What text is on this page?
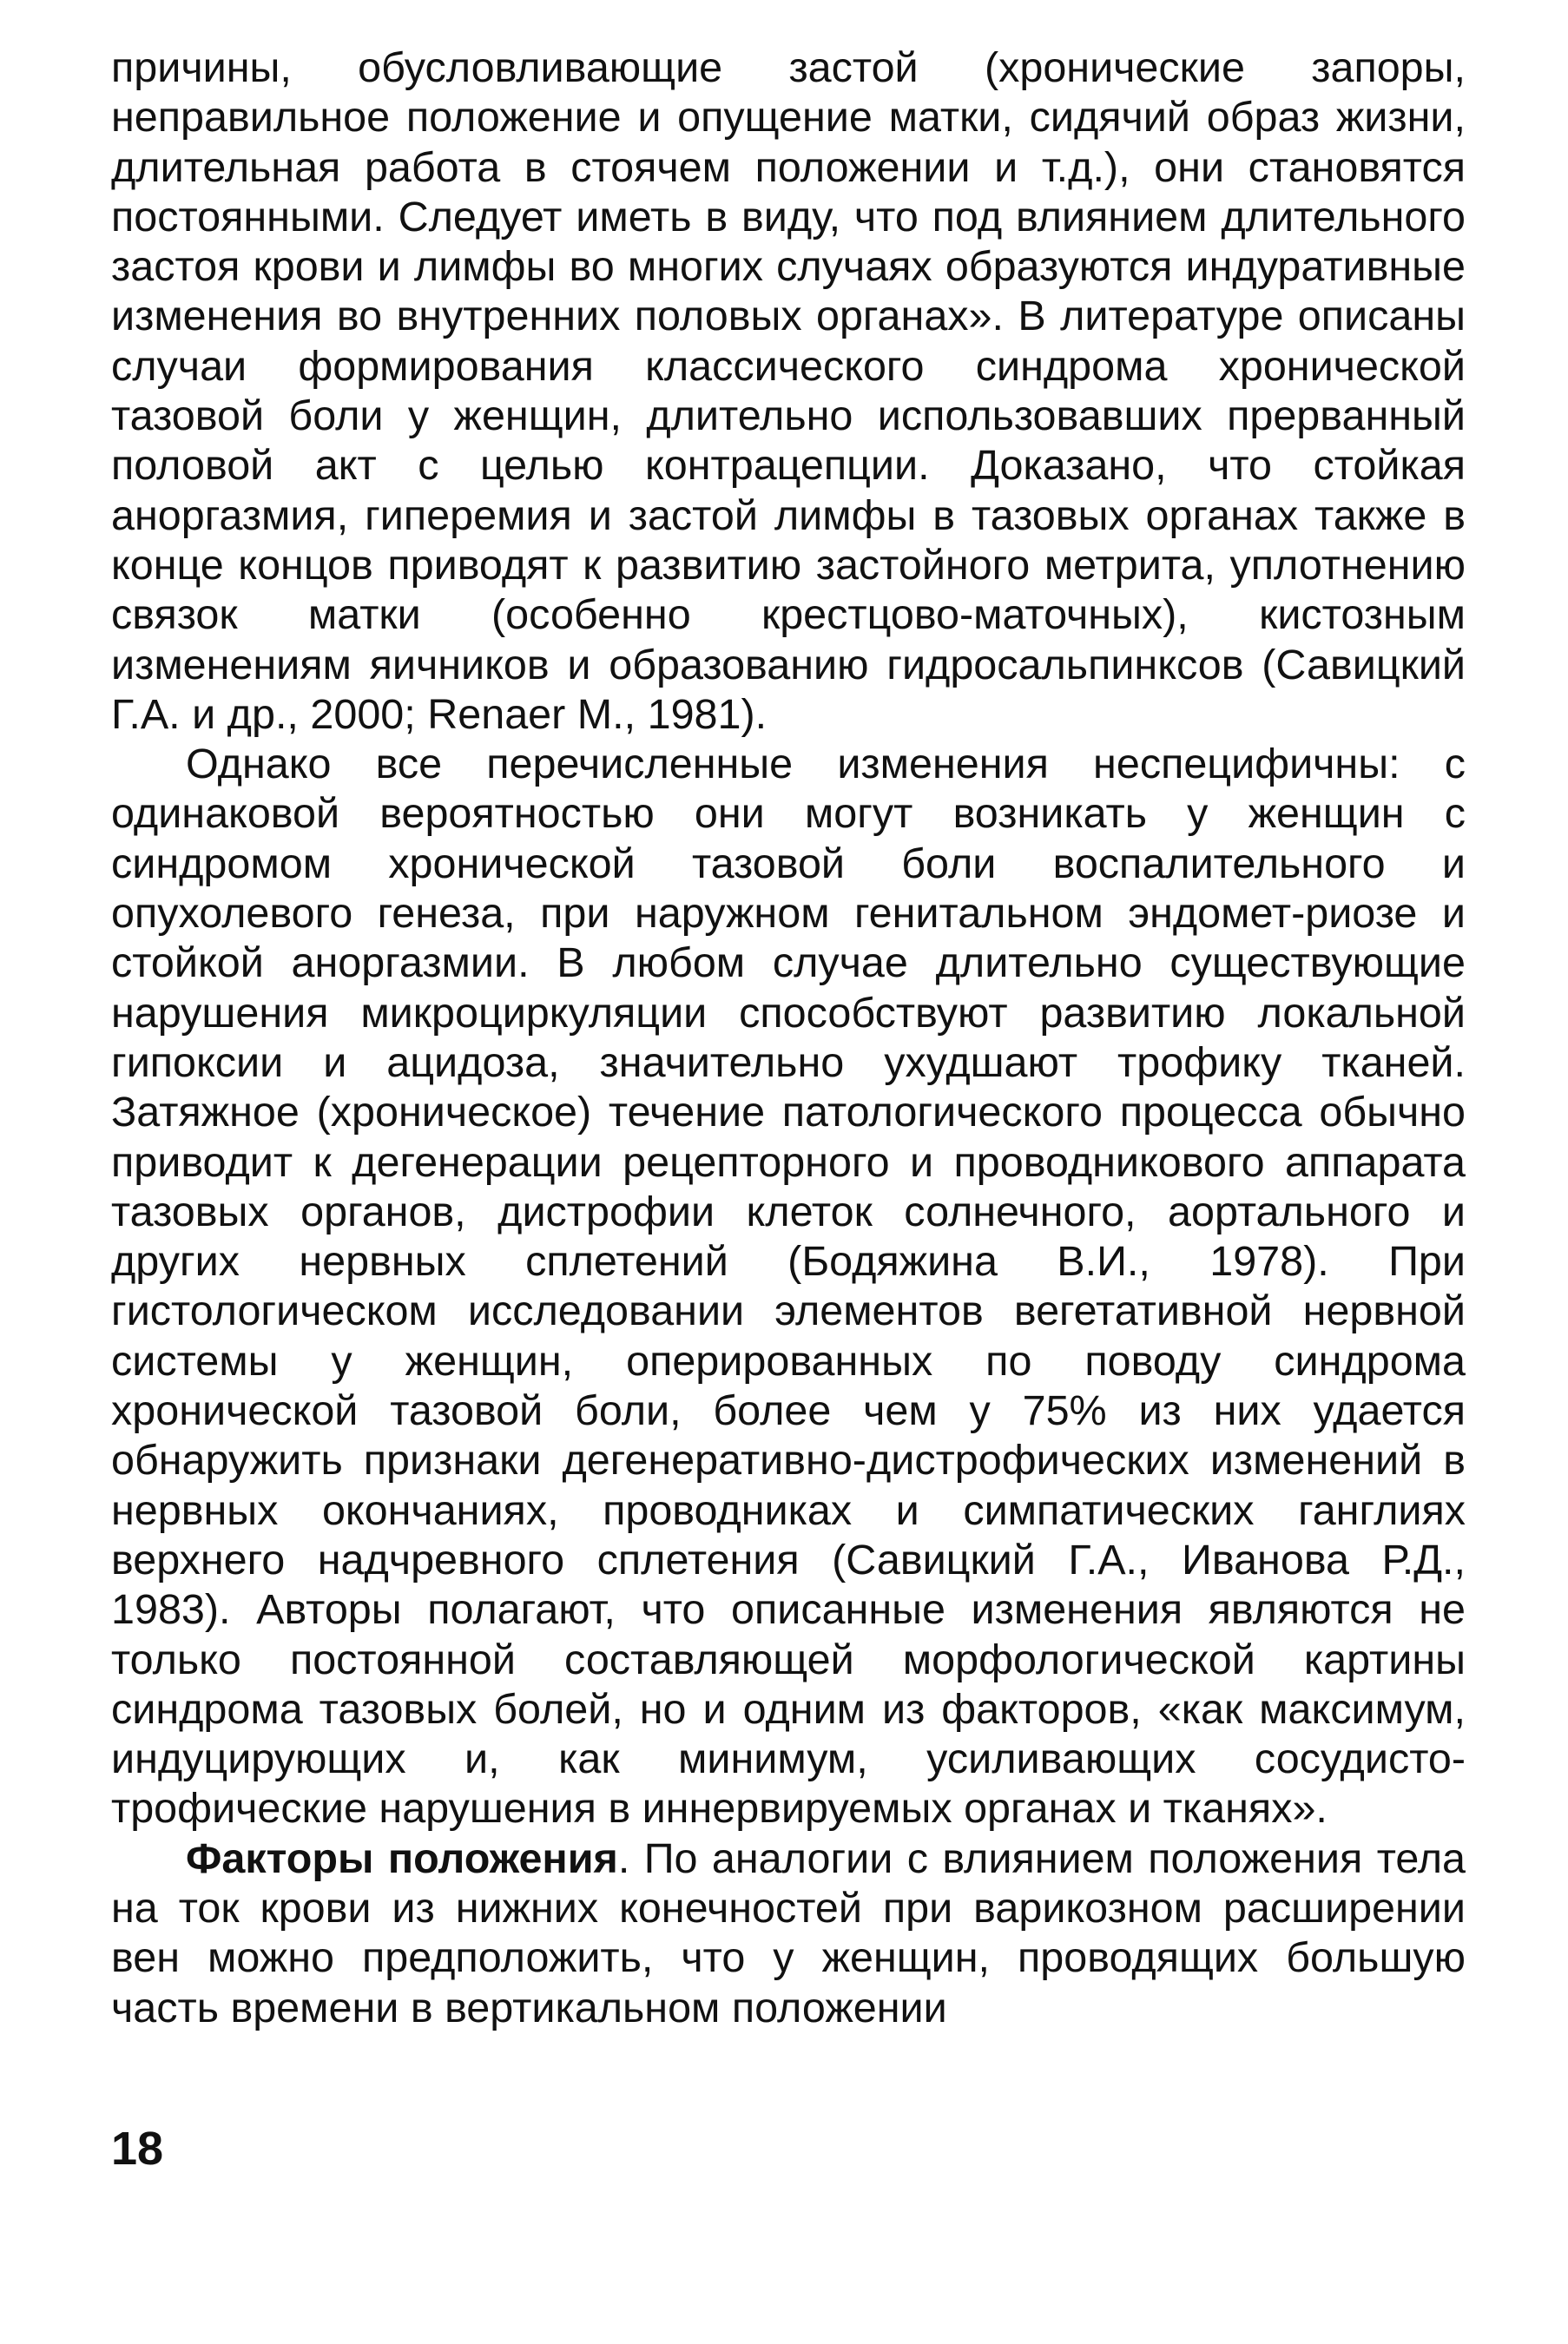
причины, обусловливающие застой (хронические запоры, неправильное положение и опущение матки, сидячий образ жизни, длительная работа в стоячем положении и т.д.), они становятся постоянными. Следует иметь в виду, что под влиянием длительного застоя крови и лимфы во многих случаях образуются индуративные изменения во внутренних половых органах». В литературе описаны случаи формирования классического синдрома хронической тазовой боли у женщин, длительно использовавших прерванный половой акт с целью контрацепции. Доказано, что стойкая аноргазмия, гиперемия и застой лимфы в тазовых органах также в конце концов приводят к развитию застойного метрита, уплотнению связок матки (особенно крестцово-маточных), кистозным изменениям яичников и образованию гидросальпинксов (Савицкий Г.А. и др., 2000; Renaer M., 1981).

Однако все перечисленные изменения неспецифичны: с одинаковой вероятностью они могут возникать у женщин с синдромом хронической тазовой боли воспалительного и опухолевого генеза, при наружном генитальном эндомет-риозе и стойкой аноргазмии. В любом случае длительно существующие нарушения микроциркуляции способствуют развитию локальной гипоксии и ацидоза, значительно ухудшают трофику тканей. Затяжное (хроническое) течение патологического процесса обычно приводит к дегенерации рецепторного и проводникового аппарата тазовых органов, дистрофии клеток солнечного, аортального и других нервных сплетений (Бодяжина В.И., 1978). При гистологическом исследовании элементов вегетативной нервной системы у женщин, оперированных по поводу синдрома хронической тазовой боли, более чем у 75% из них удается обнаружить признаки дегенеративно-дистрофических изменений в нервных окончаниях, проводниках и симпатических ганглиях верхнего надчревного сплетения (Савицкий Г.А., Иванова Р.Д., 1983). Авторы полагают, что описанные изменения являются не только постоянной составляющей морфологической картины синдрома тазовых болей, но и одним из факторов, «как максимум, индуцирующих и, как минимум, усиливающих сосудисто-трофические нарушения в иннервируемых органах и тканях».

Факторы положения. По аналогии с влиянием положения тела на ток крови из нижних конечностей при варикозном расширении вен можно предположить, что у женщин, проводящих большую часть времени в вертикальном положении

18
